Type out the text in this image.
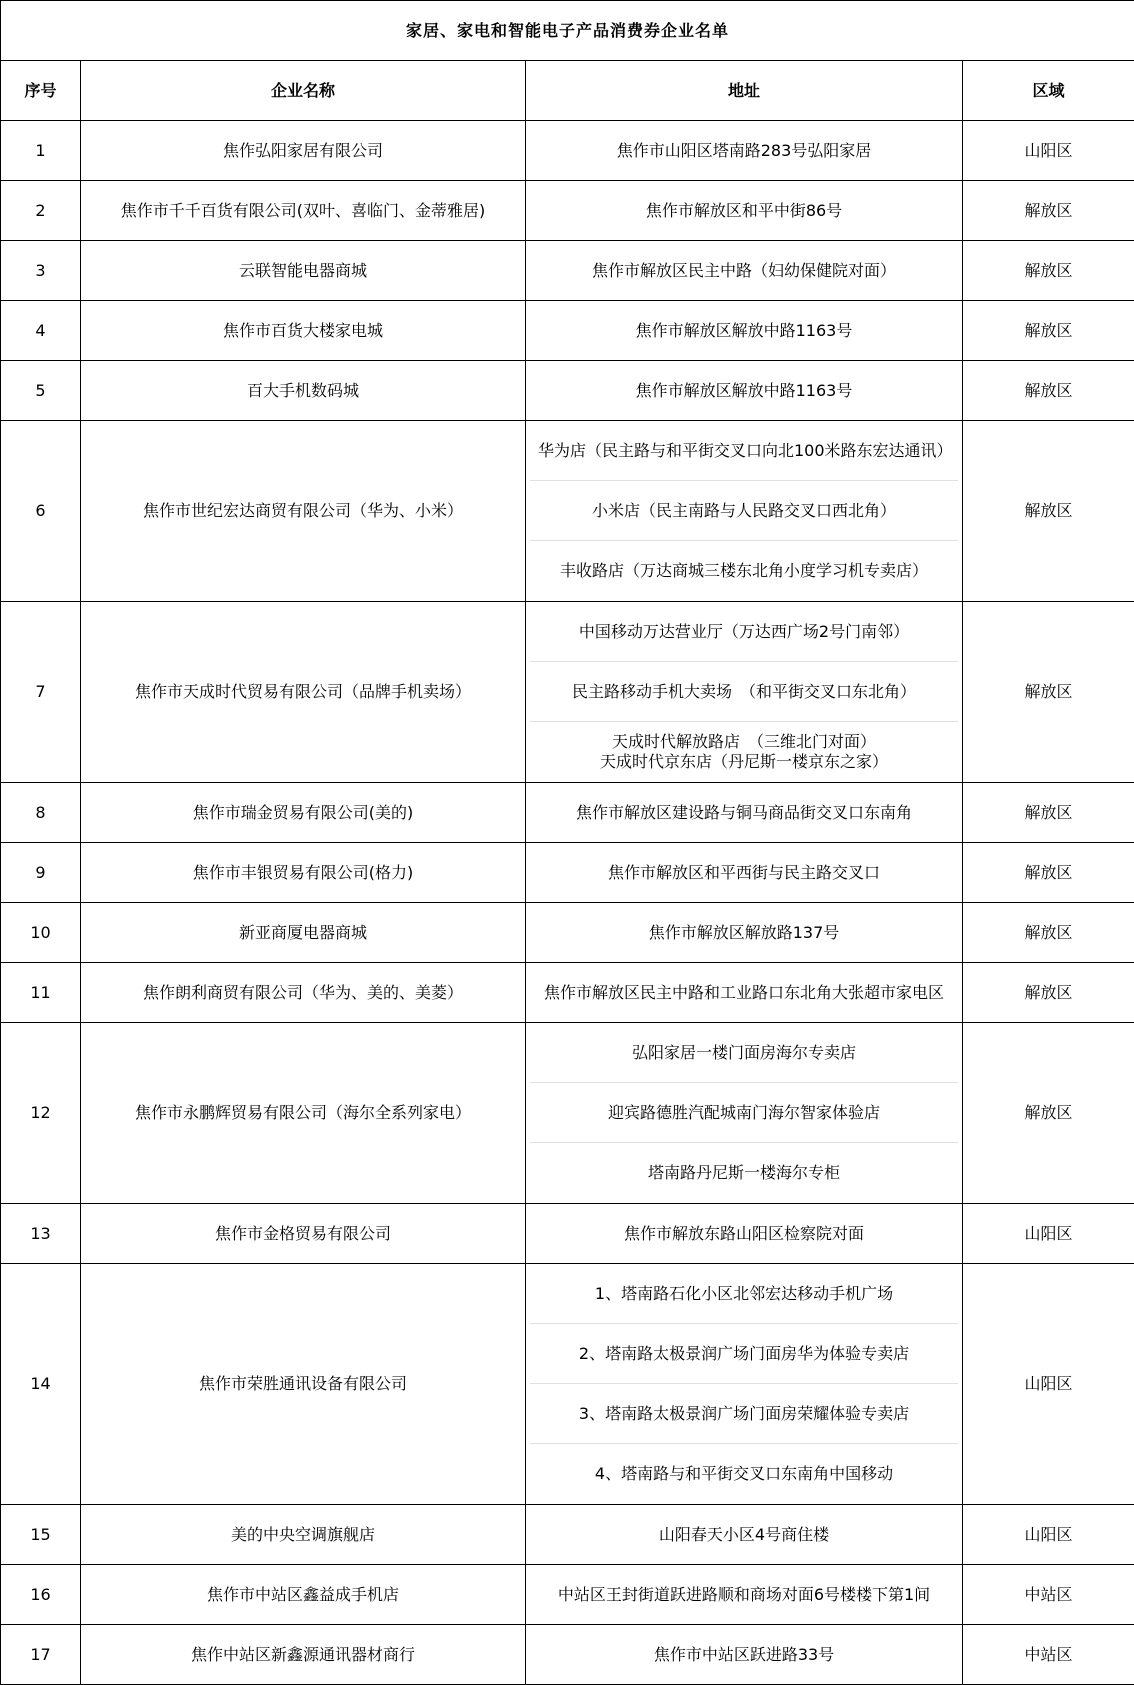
家居、家电和智能电子产品消费券企业名单			
序号	企业名称	地址	区域
1	焦作弘阳家居有限公司	焦作市山阳区塔南路283号弘阳家居	山阳区
2	焦作市千千百货有限公司(双叶、喜临门、金蒂雅居)	焦作市解放区和平中街86号	解放区
3	云联智能电器商城	焦作市解放区民主中路（妇幼保健院对面）	解放区
4	焦作市百货大楼家电城	焦作市解放区解放中路1163号	解放区
5	百大手机数码城	焦作市解放区解放中路1163号	解放区
6	焦作市世纪宏达商贸有限公司（华为、小米）	华为店（民主路与和平街交叉口向北100米路东宏达通讯）
小米店（民主南路与人民路交叉口西北角）
丰收路店（万达商城三楼东北角小度学习机专卖店）	解放区
7	焦作市天成时代贸易有限公司（品牌手机卖场）	中国移动万达营业厅（万达西广场2号门南邻）
民主路移动手机大卖场　（和平街交叉口东北角）
天成时代解放路店　（三维北门对面）
天成时代京东店（丹尼斯一楼京东之家）	解放区
8	焦作市瑞金贸易有限公司(美的)	焦作市解放区建设路与铜马商品街交叉口东南角	解放区
9	焦作市丰银贸易有限公司(格力)	焦作市解放区和平西街与民主路交叉口	解放区
10	新亚商厦电器商城	焦作市解放区解放路137号	解放区
11	焦作朗利商贸有限公司（华为、美的、美菱）	焦作市解放区民主中路和工业路口东北角大张超市家电区	解放区
12	焦作市永鹏辉贸易有限公司（海尔全系列家电）	弘阳家居一楼门面房海尔专卖店
迎宾路德胜汽配城南门海尔智家体验店
塔南路丹尼斯一楼海尔专柜	解放区
13	焦作市金格贸易有限公司	焦作市解放东路山阳区检察院对面	山阳区
14	焦作市荣胜通讯设备有限公司	1、塔南路石化小区北邻宏达移动手机广场
2、塔南路太极景润广场门面房华为体验专卖店
3、塔南路太极景润广场门面房荣耀体验专卖店
4、塔南路与和平街交叉口东南角中国移动	山阳区
15	美的中央空调旗舰店	山阳春天小区4号商住楼	山阳区
16	焦作市中站区鑫益成手机店	中站区王封街道跃进路顺和商场对面6号楼楼下第1间	中站区
17	焦作中站区新鑫源通讯器材商行	焦作市中站区跃进路33号	中站区
